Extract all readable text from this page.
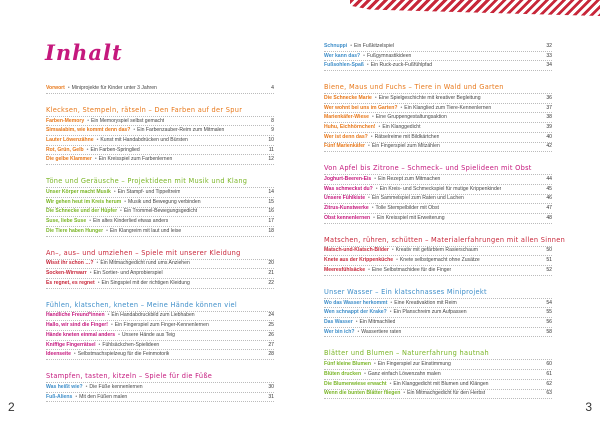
Inhalt
Vorwort	• Miniprojekte für Kinder unter 3 Jahren	4
Klecksen, Stempeln, rätseln – Den Farben auf der Spur
Farben-Memory	• Ein Memoryspiel selbst gemacht	8
Simsalabim, wie kommt denn das?	• Ein Farbenzauber-Reim zum Mitmalen	9
Lauter Löwenzähne	• Kunst mit Handabdrücken und Bürsten	10
Rot, Grün, Gelb	• Ein Farben-Springlied	11
Die gelbe Klammer	• Ein Kreisspiel zum Farbenlernen	12
Töne und Geräusche – Projektideen mit Musik und Klang
Unser Körper macht Musik	• Ein Stampf- und Tippeltreim	14
Wir gehen heut im Kreis herum	• Musik und Bewegung verbinden	15
Die Schnecke und der Hüpfer	• Ein Trommel-Bewegungsgedicht	16
Suse, liebe Suse	• Ein altes Kinderlied etwas anders	17
Die Tiere haben Hunger	• Ein Klangreim mit laut und leise	18
An–, aus– und umziehen – Spiele mit unserer Kleidung
Wisst ihr schon …?	• Ein Mitmachgedicht rund ums Anziehen	20
Socken-Wirrwarr	• Ein Sortier- und Anprobierspiel	21
Es regnet, es regnet	• Ein Singspiel mit der richtigen Kleidung	22
Fühlen, klatschen, kneten – Meine Hände können viel
Handliche Freund*innen	• Ein Handabdruckbild zum Liebhaben	24
Hallo, wir sind die Finger!	• Ein Fingerspiel zum Finger-Kennenlernen	25
Hände kneten einmal anders	• Unsere Hände aus Teig	26
Kniffige Fingerrätsel	• Fühlsäckchen-Spielideen	27
Ideenseite	• Selbstmachspielzeug für die Feinmotorik	28
Stampfen, tasten, kitzeln – Spiele für die Füße
Was heißt wie?	• Die Füße kennenlernen	30
Fuß-Aliens	• Mit den Füßen malen	31
2
Schnuppi	• Ein Fußkitzelspiel	32
Wer kann das?	• Fußgymnastikideen	33
Fußsohlen-Spaß	• Ein Ruck-zuck-Fußfühlpfad	34
Biene, Maus und Fuchs – Tiere in Wald und Garten
Die Schnecke Marie	• Eine Spielgeschichte mit kreativer Begleitung	36
Wer wohnt bei uns im Garten?	• Ein Klanglied zum Tiere-Kennenlernen	37
Marienkäfer-Wiese	• Eine Gruppengestaltungsaktion	38
Huhu, Eichhörnchen!	• Ein Klanggedicht	39
Wer ist denn das?	• Rätselreime mit Bildkärtchen	40
Fünf Marienkäfer	• Ein Fingerspiel zum Mitzählen	42
Von Apfel bis Zitrone – Schmeck– und Spielideen mit Obst
Joghurt-Beeren-Eis	• Ein Rezept zum Mitmachen	44
Was schmeckst du?	• Ein Kreis- und Schmeckspiel für mutige Krippenkinder	45
Unsere Fühlkiste	• Ein Sammelspiel zum Raten und Lachen	46
Zitrus-Kunstwerke	• Tolle Stempelbilder mit Obst	47
Obst kennenlernen	• Ein Kreisspiel mit Erweiterung	48
Matschen, rühren, schütten – Materialerfahrungen mit allen Sinnen
Matsch-und-Klatsch-Bilder	• Kreativ mit gefärbtem Rasierschaum	50
Knete aus der Krippenküche	• Knete selbstgemacht ohne Zusätze	51
Meeresfühlsäcke	• Eine Selbstmachidee für die Finger	52
Unser Wasser – Ein klatschnasses Miniprojekt
Wo das Wasser herkommt	• Eine Kreativaktion mit Reim	54
Wen schnappt der Krake?	• Ein Planschreim zum Aufpassen	55
Das Wasser	• Ein Mitmachlied	56
Wer bin ich?	• Wassertiere raten	58
Blätter und Blumen – Naturerfahrung hautnah
Fünf kleine Blumen	• Ein Fingerspiel zur Einstimmung	60
Blüten drucken	• Ganz einfach Löwenzahn malen	61
Die Blumenwiese erwacht	• Ein Klanggedicht mit Blumen und Klängen	62
Wenn die bunten Blätter fliegen	• Ein Mitmachgedicht für den Herbst	63
3
